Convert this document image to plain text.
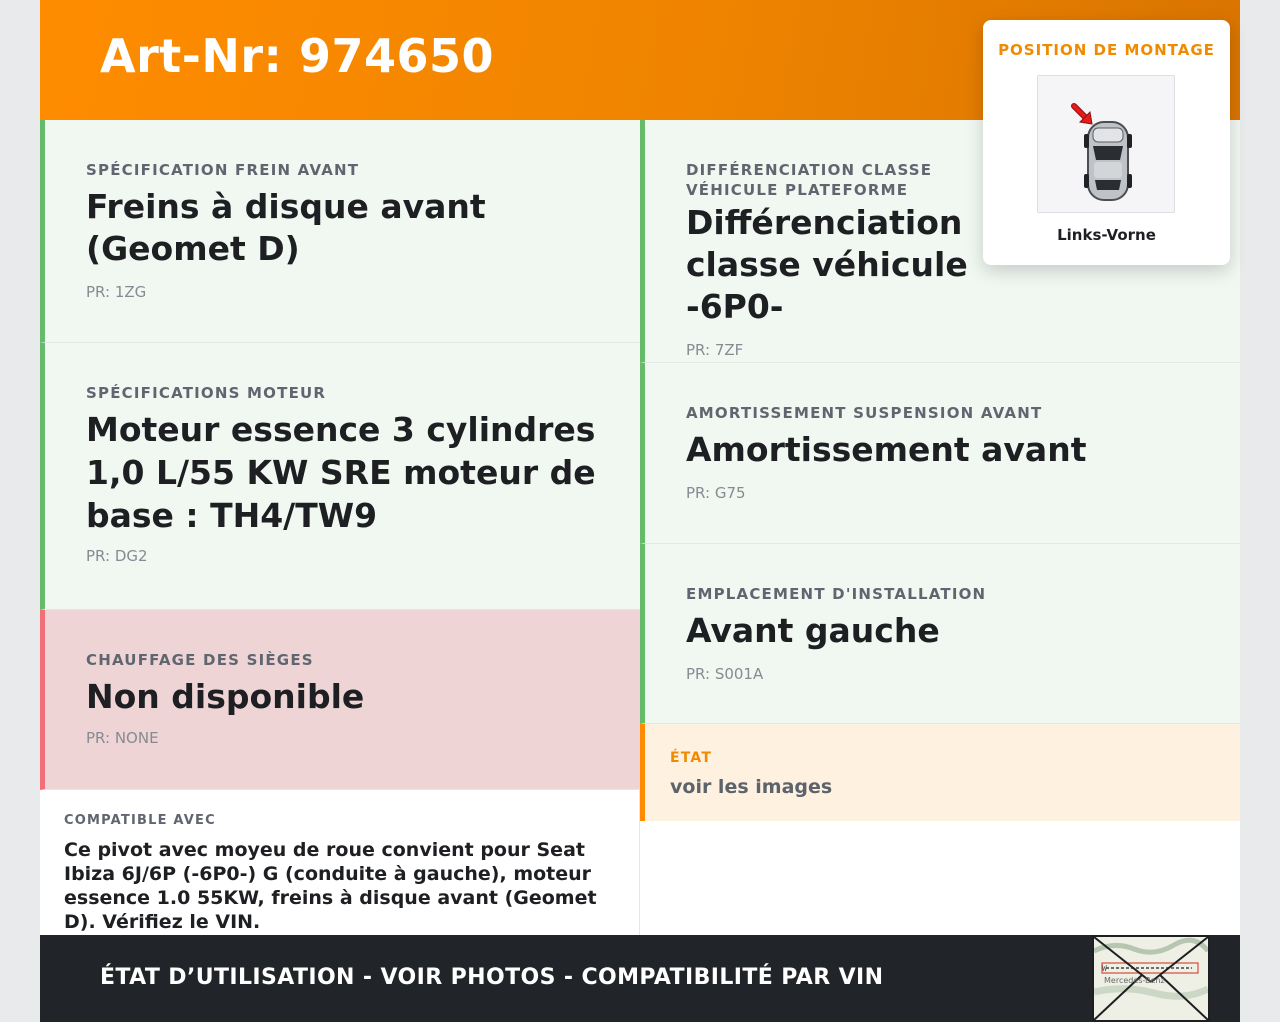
Art-Nr: 974650
SPÉCIFICATION FREIN AVANT
Freins à disque avant (Geomet D)
PR: 1ZG
SPÉCIFICATIONS MOTEUR
Moteur essence 3 cylindres 1,0 L/55 KW SRE moteur de base : TH4/TW9
PR: DG2
CHAUFFAGE DES SIÈGES
Non disponible
PR: NONE
DIFFÉRENCIATION CLASSE VÉHICULE PLATEFORME
Différenciation classe véhicule -6P0-
PR: 7ZF
AMORTISSEMENT SUSPENSION AVANT
Amortissement avant
PR: G75
EMPLACEMENT D'INSTALLATION
Avant gauche
PR: S001A
ÉTAT
voir les images
COMPATIBLE AVEC
Ce pivot avec moyeu de roue convient pour Seat Ibiza 6J/6P (-6P0-) G (conduite à gauche), moteur essence 1.0 55KW, freins à disque avant (Geomet D). Vérifiez le VIN.
ÉTAT D’UTILISATION - VOIR PHOTOS - COMPATIBILITÉ PAR VIN	W
Mercedes-Benz
POSITION DE MONTAGE
Links-Vorne
